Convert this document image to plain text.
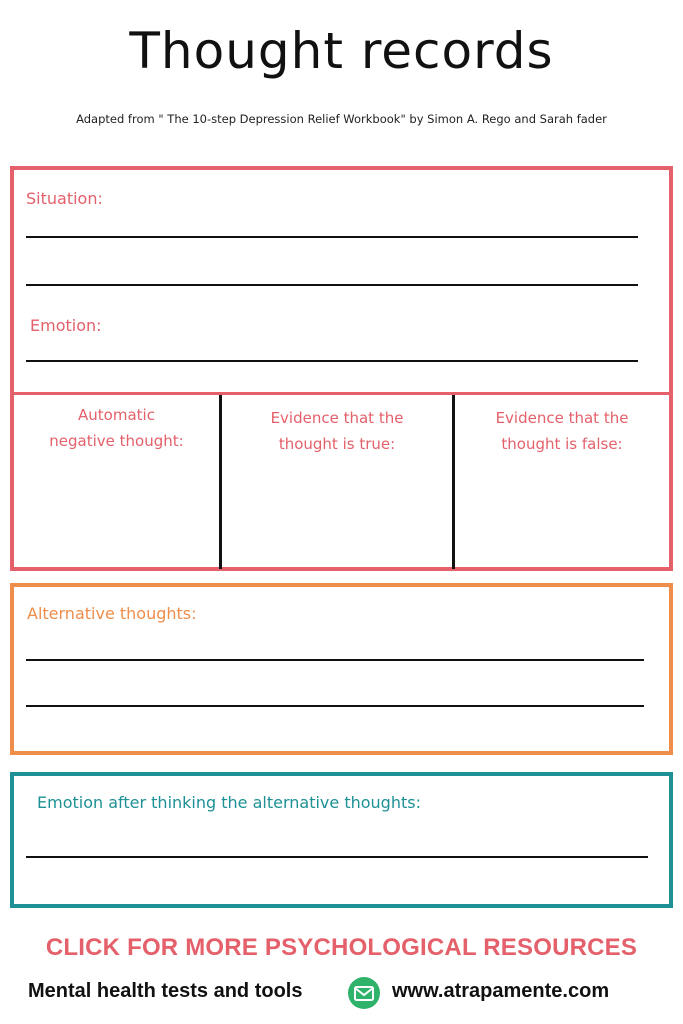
Thought records
Adapted from " The 10-step Depression Relief Workbook" by Simon A. Rego and Sarah fader
Situation:
Emotion:
Automatic
negative thought:
Evidence that the
thought is true:
Evidence that the
thought is false:
Alternative thoughts:
Emotion after thinking the alternative thoughts:
CLICK FOR MORE PSYCHOLOGICAL RESOURCES
Mental health tests and tools	www.atrapamente.com
